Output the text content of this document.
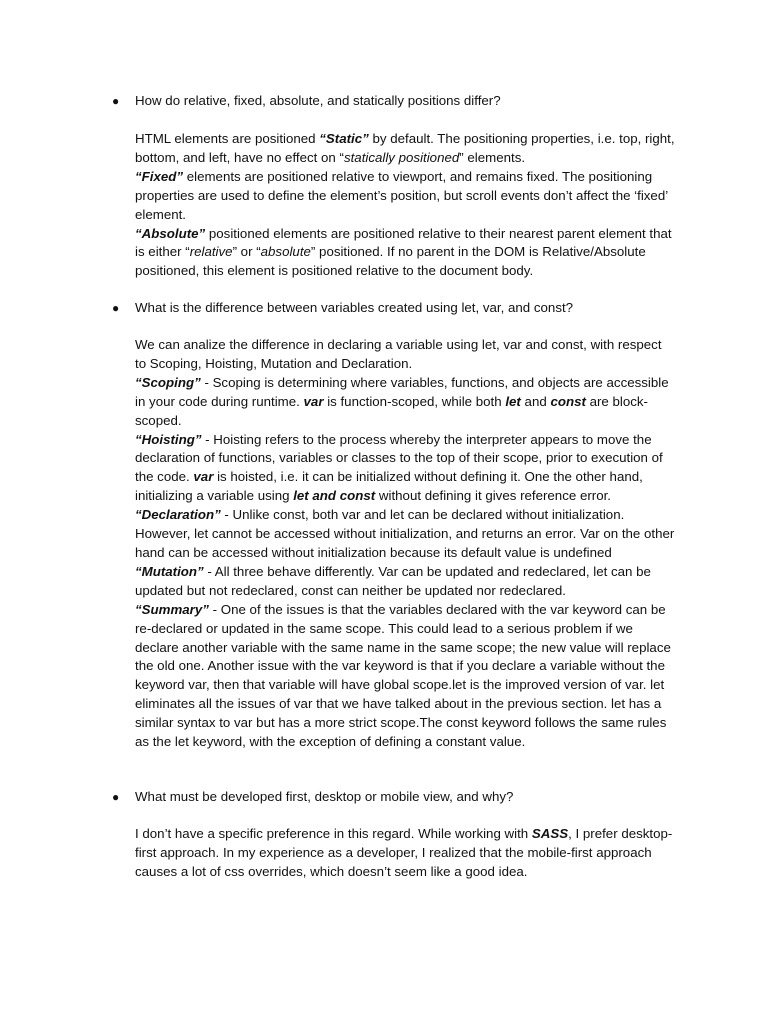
●	How do relative, fixed, absolute, and statically positions differ?

HTML elements are positioned “Static” by default. The positioning properties, i.e. top, right, bottom, and left, have no effect on “statically positioned” elements.

“Fixed” elements are positioned relative to viewport, and remains fixed. The positioning properties are used to define the element’s position, but scroll events don’t affect the ‘fixed’ element.

“Absolute” positioned elements are positioned relative to their nearest parent element that is either “relative” or “absolute” positioned. If no parent in the DOM is Relative/Absolute positioned, this element is positioned relative to the document body.

●	What is the difference between variables created using let, var, and const?

We can analize the difference in declaring a variable using let, var and const, with respect to Scoping, Hoisting, Mutation and Declaration.

“Scoping” - Scoping is determining where variables, functions, and objects are accessible in your code during runtime. var is function-scoped, while both let and const are block-scoped.

“Hoisting” - Hoisting refers to the process whereby the interpreter appears to move the declaration of functions, variables or classes to the top of their scope, prior to execution of the code. var is hoisted, i.e. it can be initialized without defining it. One the other hand, initializing a variable using let and const without defining it gives reference error.

“Declaration” - Unlike const, both var and let can be declared without initialization. However, let cannot be accessed without initialization, and returns an error. Var on the other hand can be accessed without initialization because its default value is undefined

“Mutation” - All three behave differently. Var can be updated and redeclared, let can be updated but not redeclared, const can neither be updated nor redeclared.

“Summary” - One of the issues is that the variables declared with the var keyword can be re-declared or updated in the same scope. This could lead to a serious problem if we declare another variable with the same name in the same scope; the new value will replace the old one. Another issue with the var keyword is that if you declare a variable without the keyword var, then that variable will have global scope.let is the improved version of var. let eliminates all the issues of var that we have talked about in the previous section. let has a similar syntax to var but has a more strict scope.The const keyword follows the same rules as the let keyword, with the exception of defining a constant value.

●	What must be developed first, desktop or mobile view, and why?

I don’t have a specific preference in this regard. While working with SASS, I prefer desktop-first approach. In my experience as a developer, I realized that the mobile-first approach causes a lot of css overrides, which doesn’t seem like a good idea.
